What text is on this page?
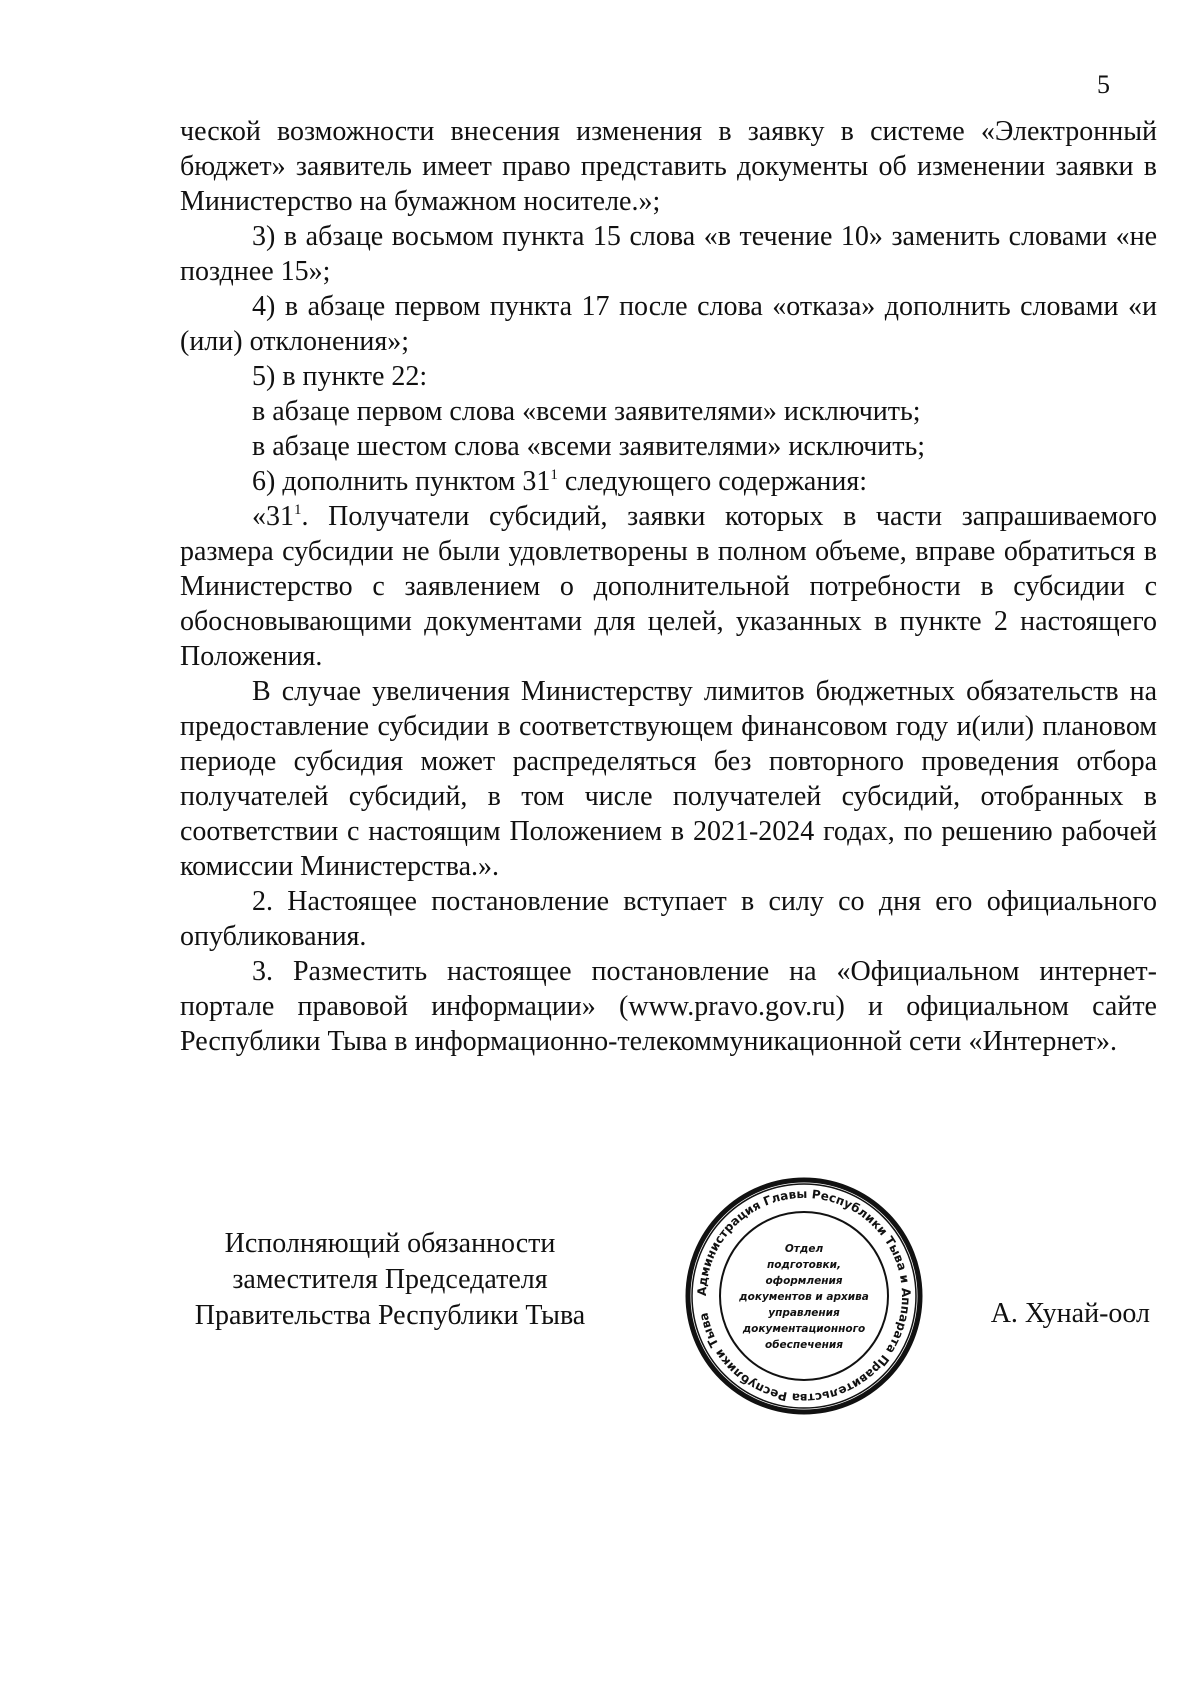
5

ческой возможности внесения изменения в заявку в системе «Электронный бюджет» заявитель имеет право представить документы об изменении заявки в Министерство на бумажном носителе.»;

3) в абзаце восьмом пункта 15 слова «в течение 10» заменить словами «не позднее 15»;

4) в абзаце первом пункта 17 после слова «отказа» дополнить словами «и (или) отклонения»;

5) в пункте 22:

в абзаце первом слова «всеми заявителями» исключить;

в абзаце шестом слова «всеми заявителями» исключить;

6) дополнить пунктом $31^1$ следующего содержания:

«$31^1$. Получатели субсидий, заявки которых в части запрашиваемого размера субсидии не были удовлетворены в полном объеме, вправе обратиться в Министерство с заявлением о дополнительной потребности в субсидии с обосновывающими документами для целей, указанных в пункте 2 настоящего Положения.

В случае увеличения Министерству лимитов бюджетных обязательств на предоставление субсидии в соответствующем финансовом году и(или) плановом периоде субсидия может распределяться без повторного проведения отбора получателей субсидий, в том числе получателей субсидий, отобранных в соответствии с настоящим Положением в 2021-2024 годах, по решению рабочей комиссии Министерства.».

2. Настоящее постановление вступает в силу со дня его официального опубликования.

3. Разместить настоящее постановление на «Официальном интернет-портале правовой информации» (www.pravo.gov.ru) и официальном сайте Республики Тыва в информационно-телекоммуникационной сети «Интернет».

Исполняющий обязанности
заместителя Председателя
Правительства Республики Тыва
Администрация Главы Республики Тыва и Аппарата Правительства Республики Тыва
Отдел
подготовки,
оформления
документов и архива
управления
документационного
обеспечения
А. Хунай-оол
